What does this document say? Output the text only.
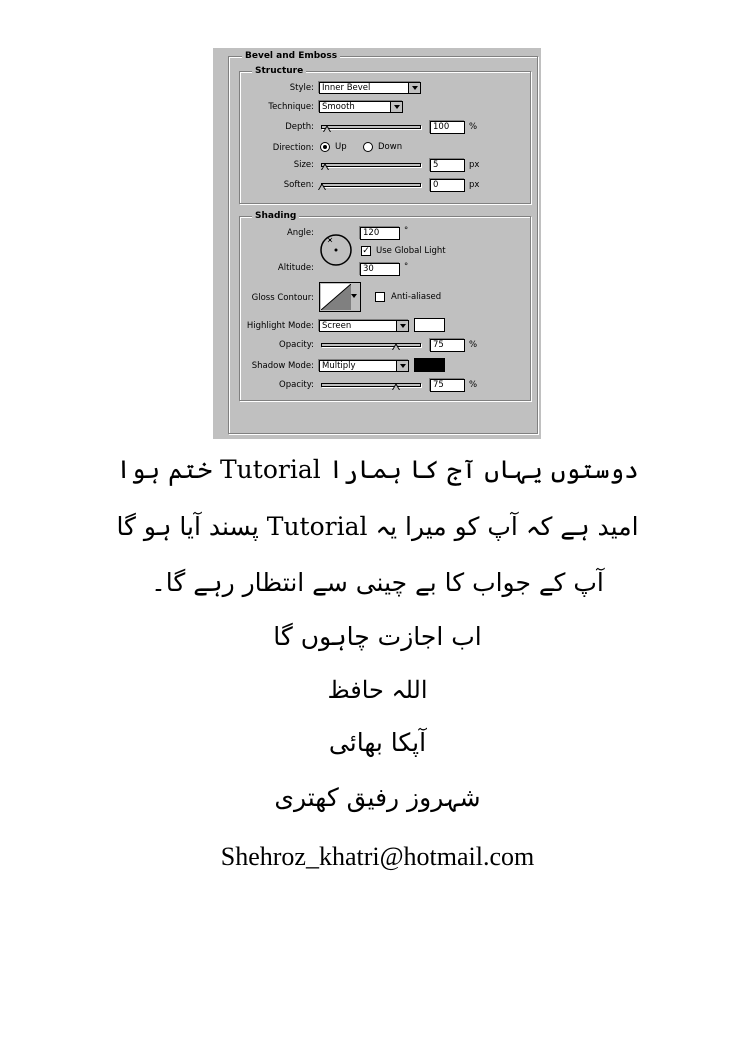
Bevel and Emboss
Structure
Style: Inner Bevel
Technique: Smooth
Depth:	100	%
Direction: Up	Down
Size:	5	px
Soften:	0	px
Shading
Angle:	120	°
✓ Use Global Light
Altitude:	30	°
Gloss Contour:	Anti-aliased
Highlight Mode: Screen
Opacity:	75	%
Shadow Mode: Multiply
Opacity:	75	%
دوستوں یہاں آج کا ہمارا Tutorial ختم ہوا
امید ہے کہ آپ کو میرا یہ Tutorial پسند آیا ہو گا
آپ کے جواب کا بے چینی سے انتظار رہے گا۔
اب اجازت چاہوں گا
اللہ حافظ
آپکا بھائی
شہروز رفیق کھتری
Shehroz_khatri@hotmail.com
